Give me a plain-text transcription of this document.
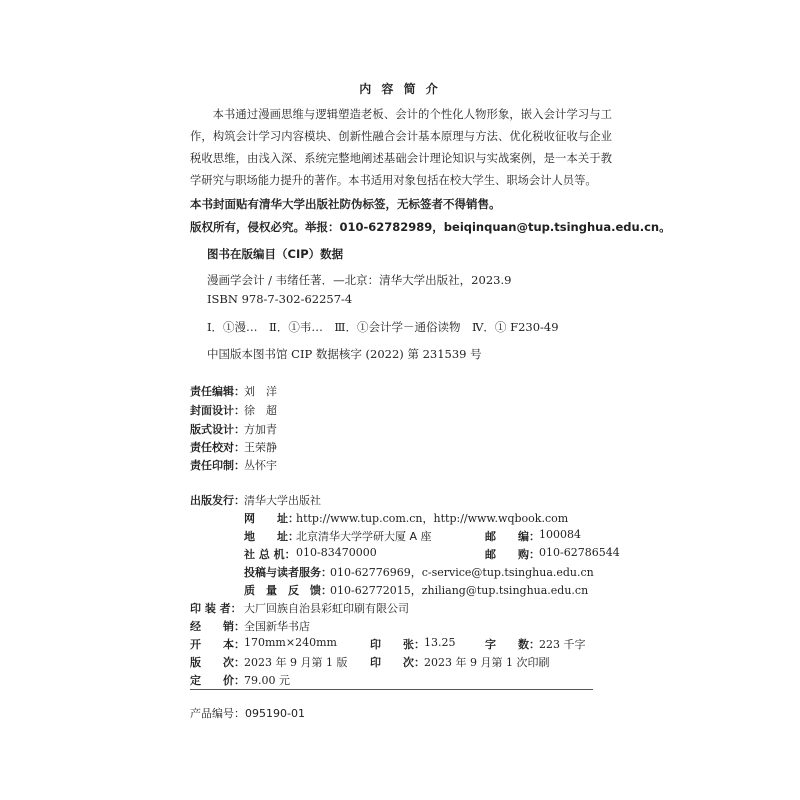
内 容 简 介
本书通过漫画思维与逻辑塑造老板、会计的个性化人物形象，嵌入会计学习与工作，构筑会计学习内容模块、创新性融合会计基本原理与方法、优化税收征收与企业税收思维，由浅入深、系统完整地阐述基础会计理论知识与实战案例，是一本关于教学研究与职场能力提升的著作。本书适用对象包括在校大学生、职场会计人员等。
本书封面贴有清华大学出版社防伪标签，无标签者不得销售。
版权所有，侵权必究。举报：010-62782989，beiqinquan@tup.tsinghua.edu.cn。
图书在版编目（CIP）数据
漫画学会计 / 韦绪任著．—北京：清华大学出版社，2023.9
ISBN 978-7-302-62257-4
Ⅰ．①漫…　Ⅱ．①韦…　Ⅲ．①会计学－通俗读物　Ⅳ．① F230-49
中国版本图书馆 CIP 数据核字 (2022) 第 231539 号
责任编辑： 刘　洋
封面设计： 徐　超
版式设计： 方加青
责任校对： 王荣静
责任印制： 丛怀宇
出版发行： 清华大学出版社
网　　址：
http://www.tup.com.cn，http://www.wqbook.com
地　　址：
北京清华大学学研大厦 A 座	邮　　编： 100084
社 总 机： 010-83470000	邮　　购： 010-62786544
投稿与读者服务：
010-62776969，c-service@tup.tsinghua.edu.cn
质　量　反　馈：
010-62772015，zhiliang@tup.tsinghua.edu.cn
印 装 者： 大厂回族自治县彩虹印刷有限公司
经　　销： 全国新华书店
开　　本： 170mm×240mm	印　　张： 13.25	字　　数： 223 千字
版　　次： 2023 年 9 月第 1 版 印　　次： 2023 年 9 月第 1 次印刷
定　　价： 79.00 元
产品编号：095190-01
